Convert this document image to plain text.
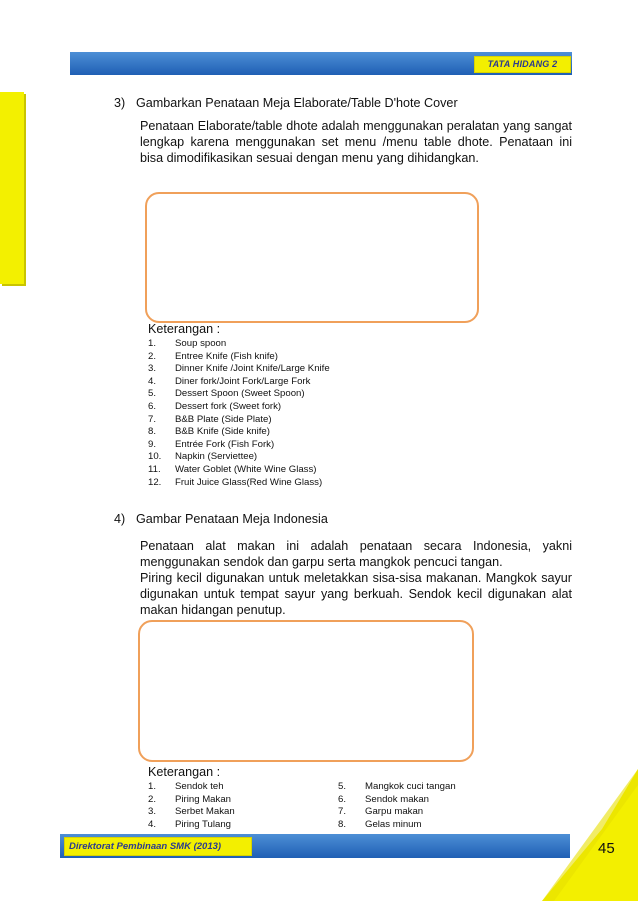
TATA HIDANG 2
3) Gambarkan Penataan Meja Elaborate/Table D'hote Cover

Penataan Elaborate/table dhote adalah menggunakan peralatan yang sangat lengkap karena menggunakan set menu /menu table dhote. Penataan ini bisa dimodifikasikan sesuai dengan menu yang dihidangkan.

Keterangan :
1. Soup spoon
2. Entree Knife (Fish knife)
3. Dinner Knife /Joint Knife/Large Knife
4. Diner fork/Joint Fork/Large Fork
5. Dessert Spoon (Sweet Spoon)
6. Dessert fork (Sweet fork)
7. B&B Plate (Side Plate)
8. B&B Knife (Side knife)
9. Entrée Fork (Fish Fork)
10. Napkin (Serviettee)
11. Water Goblet (White Wine Glass)
12. Fruit Juice Glass(Red Wine Glass)
4) Gambar Penataan Meja Indonesia

Penataan alat makan ini adalah penataan secara Indonesia, yakni menggunakan sendok dan garpu serta mangkok pencuci tangan.

Piring kecil digunakan untuk meletakkan sisa-sisa makanan. Mangkok sayur digunakan untuk tempat sayur yang berkuah. Sendok kecil digunakan alat makan hidangan penutup.

Keterangan :
1. Sendok teh
2. Piring Makan
3. Serbet Makan
4. Piring Tulang
5. Mangkok cuci tangan
6. Sendok makan
7. Garpu makan
8. Gelas minum
Direktorat Pembinaan SMK (2013)	45
